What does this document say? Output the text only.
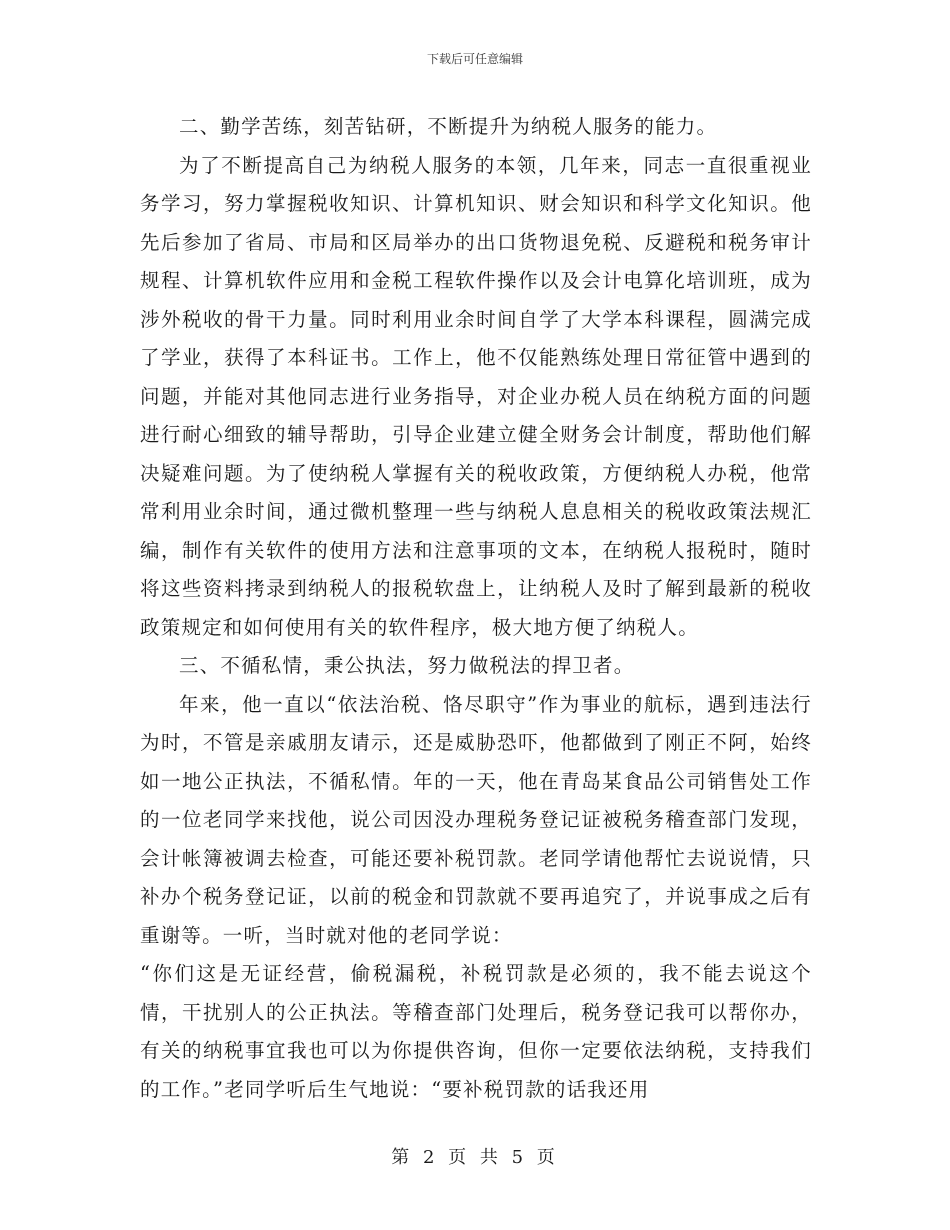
下载后可任意编辑

二、勤学苦练，刻苦钻研，不断提升为纳税人服务的能力。

为了不断提高自己为纳税人服务的本领，几年来，同志一直很重视业务学习，努力掌握税收知识、计算机知识、财会知识和科学文化知识。他先后参加了省局、市局和区局举办的出口货物退免税、反避税和税务审计规程、计算机软件应用和金税工程软件操作以及会计电算化培训班，成为涉外税收的骨干力量。同时利用业余时间自学了大学本科课程，圆满完成了学业，获得了本科证书。工作上，他不仅能熟练处理日常征管中遇到的问题，并能对其他同志进行业务指导，对企业办税人员在纳税方面的问题进行耐心细致的辅导帮助，引导企业建立健全财务会计制度，帮助他们解决疑难问题。为了使纳税人掌握有关的税收政策，方便纳税人办税，他常常利用业余时间，通过微机整理一些与纳税人息息相关的税收政策法规汇编，制作有关软件的使用方法和注意事项的文本，在纳税人报税时，随时将这些资料拷录到纳税人的报税软盘上，让纳税人及时了解到最新的税收政策规定和如何使用有关的软件程序，极大地方便了纳税人。

三、不循私情，秉公执法，努力做税法的捍卫者。

年来，他一直以“依法治税、恪尽职守”作为事业的航标，遇到违法行为时，不管是亲戚朋友请示，还是威胁恐吓，他都做到了刚正不阿，始终如一地公正执法，不循私情。年的一天，他在青岛某食品公司销售处工作的一位老同学来找他，说公司因没办理税务登记证被税务稽查部门发现，会计帐簿被调去检查，可能还要补税罚款。老同学请他帮忙去说说情，只补办个税务登记证，以前的税金和罚款就不要再追究了，并说事成之后有重谢等。一听，当时就对他的老同学说：

“你们这是无证经营，偷税漏税，补税罚款是必须的，我不能去说这个情，干扰别人的公正执法。等稽查部门处理后，税务登记我可以帮你办，有关的纳税事宜我也可以为你提供咨询，但你一定要依法纳税，支持我们的工作。”老同学听后生气地说：“要补税罚款的话我还用

第 2 页 共 5 页
